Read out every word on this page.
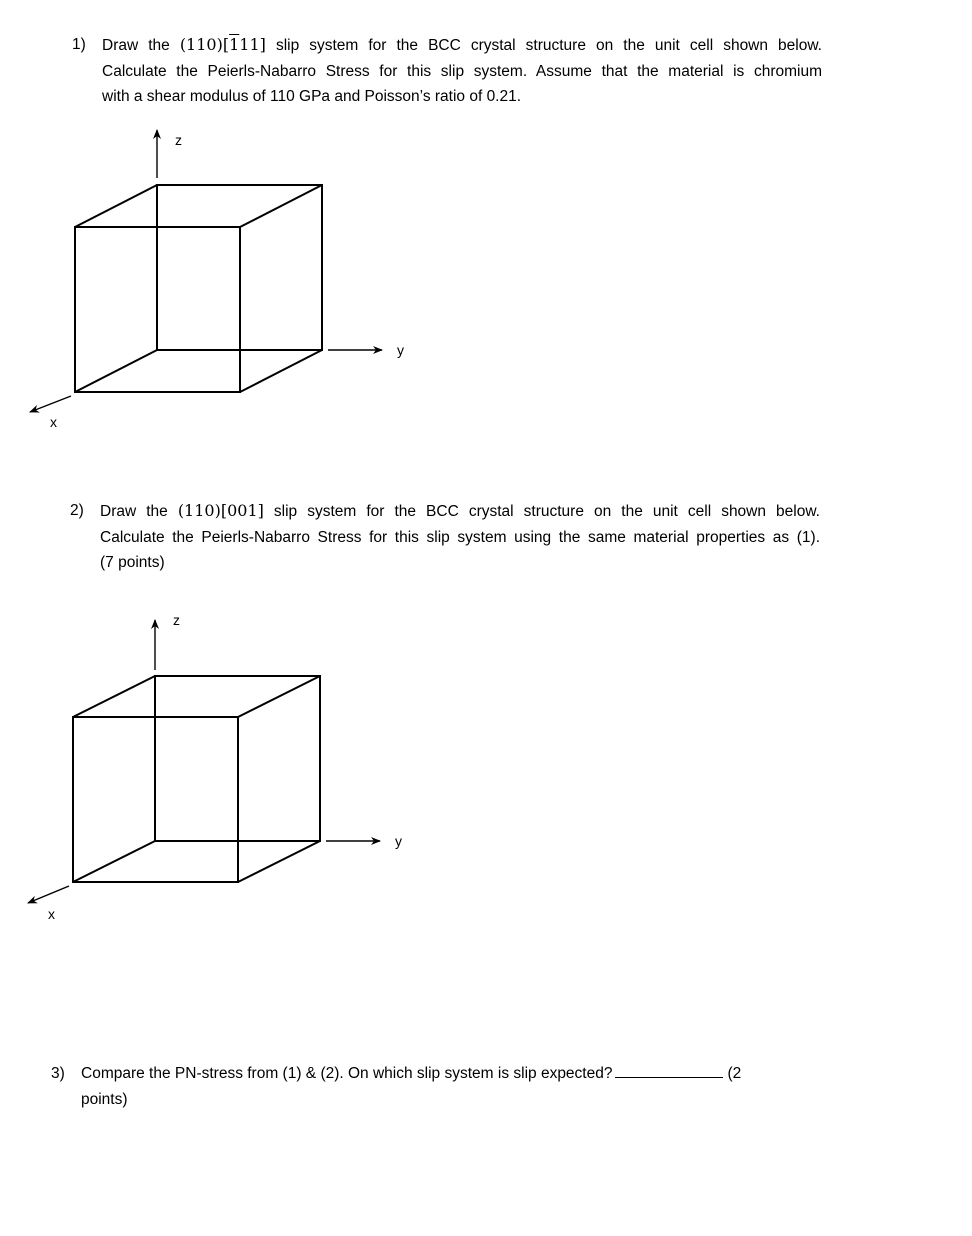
1) Draw the (110)[111] slip system for the BCC crystal structure on the unit cell shown below.
Calculate the Peierls-Nabarro Stress for this slip system. Assume that the material is chromium
with a shear modulus of 110 GPa and Poisson’s ratio of 0.21.
z
y
x
2) Draw the (110)[001] slip system for the BCC crystal structure on the unit cell shown below.
Calculate the Peierls-Nabarro Stress for this slip system using the same material properties as (1).
(7 points)
z
y
x
3) Compare the PN-stress from (1) & (2). On which slip system is slip expected?	(2
points)
